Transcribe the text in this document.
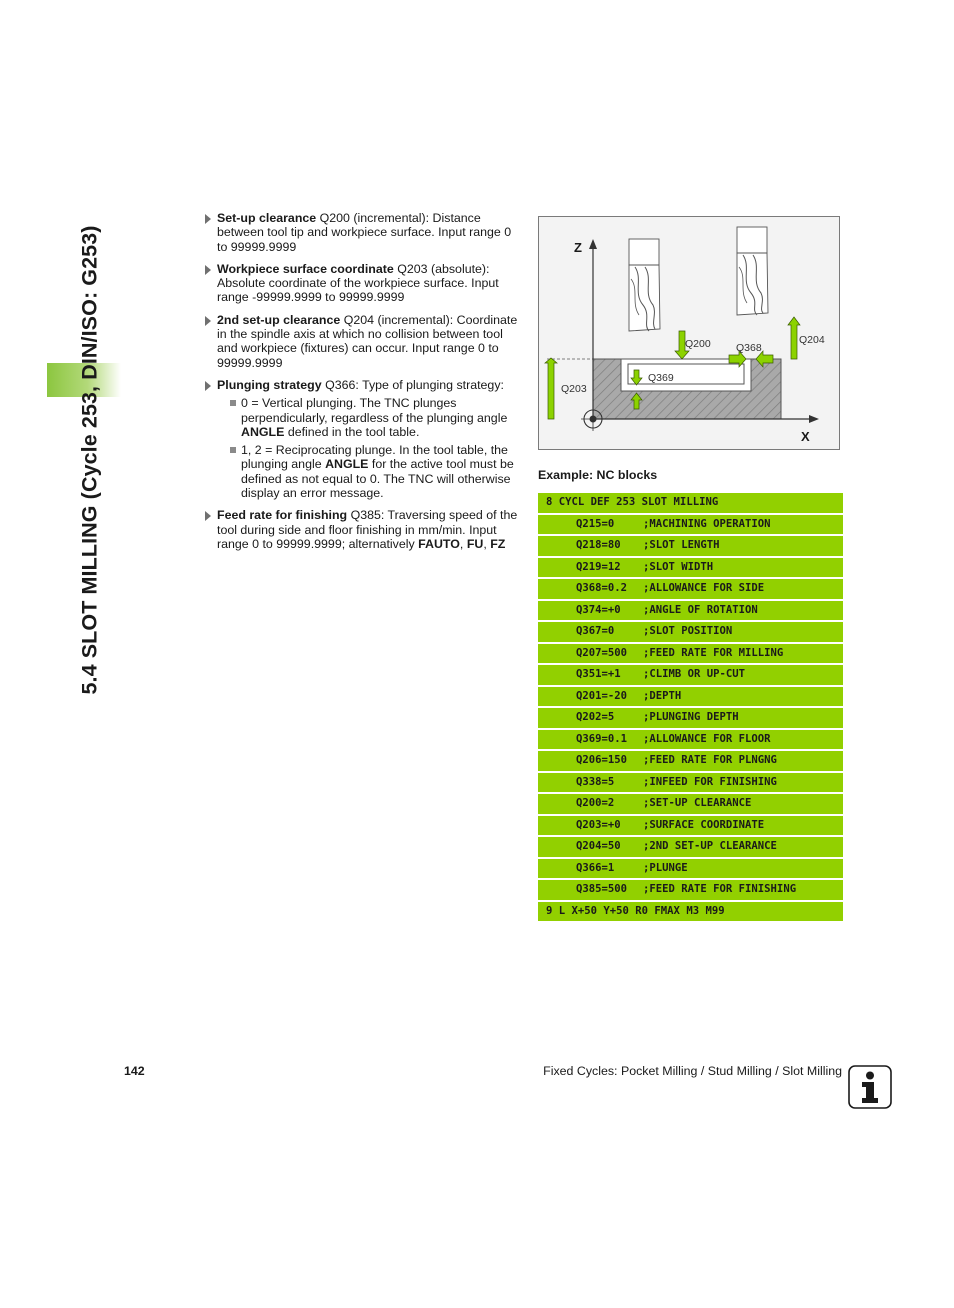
5.4 SLOT MILLING (Cycle 253, DIN/ISO: G253)
Set-up clearance Q200 (incremental): Distance between tool tip and workpiece surface. Input range 0 to 99999.9999
Workpiece surface coordinate Q203 (absolute): Absolute coordinate of the workpiece surface. Input range -99999.9999 to 99999.9999
2nd set-up clearance Q204 (incremental): Coordinate in the spindle axis at which no collision between tool and workpiece (fixtures) can occur. Input range 0 to 99999.9999
Plunging strategy Q366: Type of plunging strategy:
0 = Vertical plunging. The TNC plunges perpendicularly, regardless of the plunging angle ANGLE defined in the tool table.
1, 2 = Reciprocating plunge. In the tool table, the plunging angle ANGLE for the active tool must be defined as not equal to 0. The TNC will otherwise display an error message.
Feed rate for finishing Q385: Traversing speed of the tool during side and floor finishing in mm/min. Input range 0 to 99999.9999; alternatively FAUTO, FU, FZ
Z
X
Q200 Q368
Q204
Q369
Q203
Example: NC blocks
8 CYCL DEF 253 SLOT MILLING
Q215=0	;MACHINING OPERATION
Q218=80 ;SLOT LENGTH
Q219=12 ;SLOT WIDTH
Q368=0.2 ;ALLOWANCE FOR SIDE
Q374=+0 ;ANGLE OF ROTATION
Q367=0	;SLOT POSITION
Q207=500 ;FEED RATE FOR MILLING
Q351=+1 ;CLIMB OR UP-CUT
Q201=-20 ;DEPTH
Q202=5	;PLUNGING DEPTH
Q369=0.1 ;ALLOWANCE FOR FLOOR
Q206=150 ;FEED RATE FOR PLNGNG
Q338=5	;INFEED FOR FINISHING
Q200=2	;SET-UP CLEARANCE
Q203=+0 ;SURFACE COORDINATE
Q204=50 ;2ND SET-UP CLEARANCE
Q366=1	;PLUNGE
Q385=500 ;FEED RATE FOR FINISHING
9 L X+50 Y+50 R0 FMAX M3 M99
142	Fixed Cycles: Pocket Milling / Stud Milling / Slot Milling
